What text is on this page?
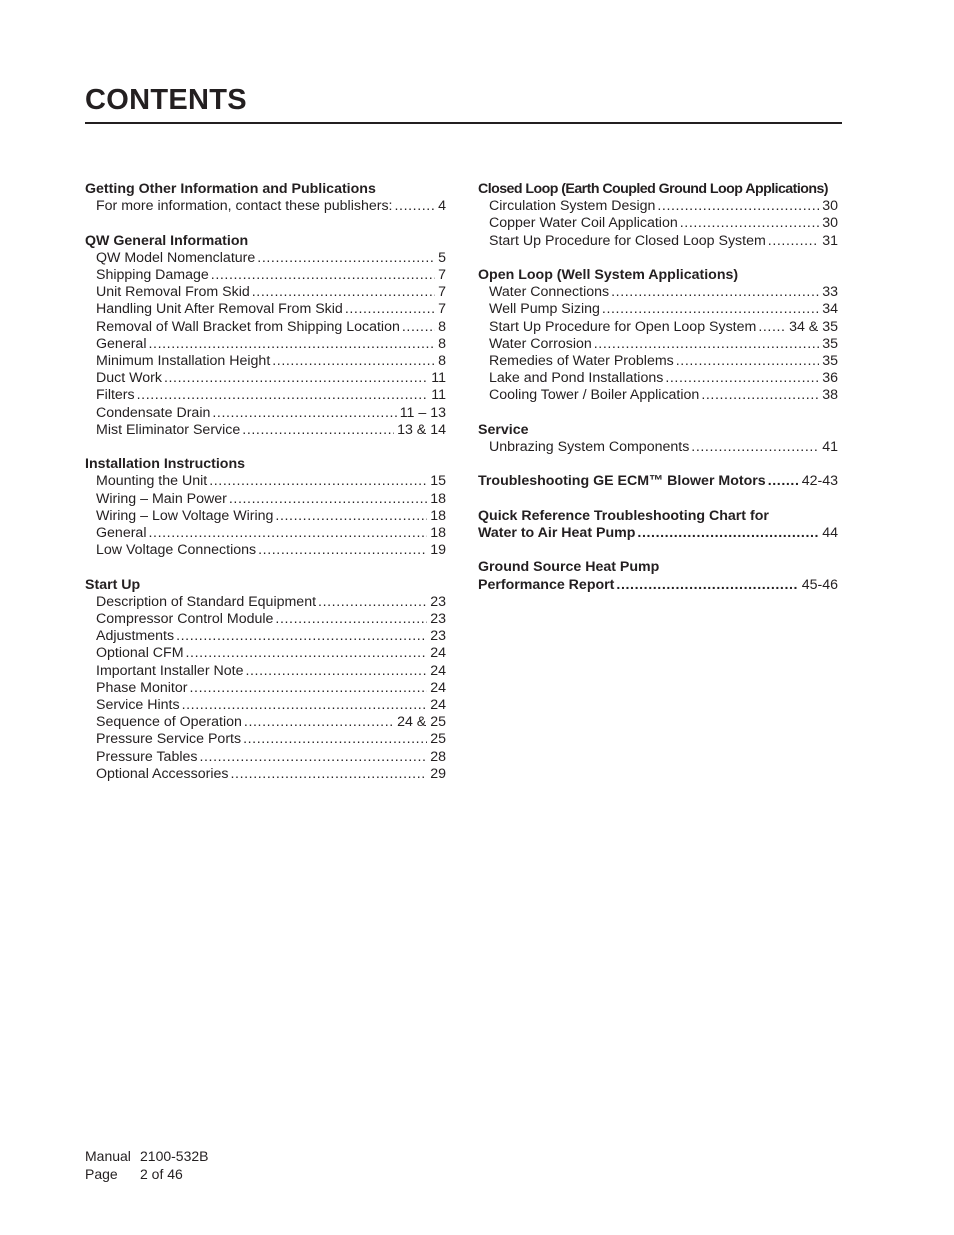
CONTENTS
Getting Other Information and Publications
For more information, contact these publishers: .....	4
QW General Information
QW Model Nomenclature .....	5
Shipping Damage .....	7
Unit Removal From Skid .....	7
Handling Unit After Removal From Skid .....	7
Removal of Wall Bracket from Shipping Location .....	8
General .....	8
Minimum Installation Height .....	8
Duct Work .....	11
Filters .....	11
Condensate Drain .....	11 – 13
Mist Eliminator Service .....	13 & 14
Installation Instructions
Mounting the Unit .....	15
Wiring – Main Power .....	18
Wiring – Low Voltage Wiring .....	18
General .....	18
Low Voltage Connections .....	19
Start Up
Description of Standard Equipment .....	23
Compressor Control Module .....	23
Adjustments .....	23
Optional CFM .....	24
Important Installer Note .....	24
Phase Monitor .....	24
Service Hints .....	24
Sequence of Operation .....	24 & 25
Pressure Service Ports .....	25
Pressure Tables .....	28
Optional Accessories .....	29
Closed Loop (Earth Coupled Ground Loop Applications)
Circulation System Design .....	30
Copper Water Coil Application .....	30
Start Up Procedure for Closed Loop System .....	31
Open Loop (Well System Applications)
Water Connections .....	33
Well Pump Sizing .....	34
Start Up Procedure for Open Loop System ..... 34 & 35
Water Corrosion .....	35
Remedies of Water Problems .....	35
Lake and Pond Installations .....	36
Cooling Tower / Boiler Application .....	38
Service
Unbrazing System Components .....	41
Troubleshooting GE ECM™ Blower Motors .....	42-43
Quick Reference Troubleshooting Chart for
Water to Air Heat Pump .....	44
Ground Source Heat Pump
Performance Report .....	45-46
Manual 2100-532B
Page	2 of 46
